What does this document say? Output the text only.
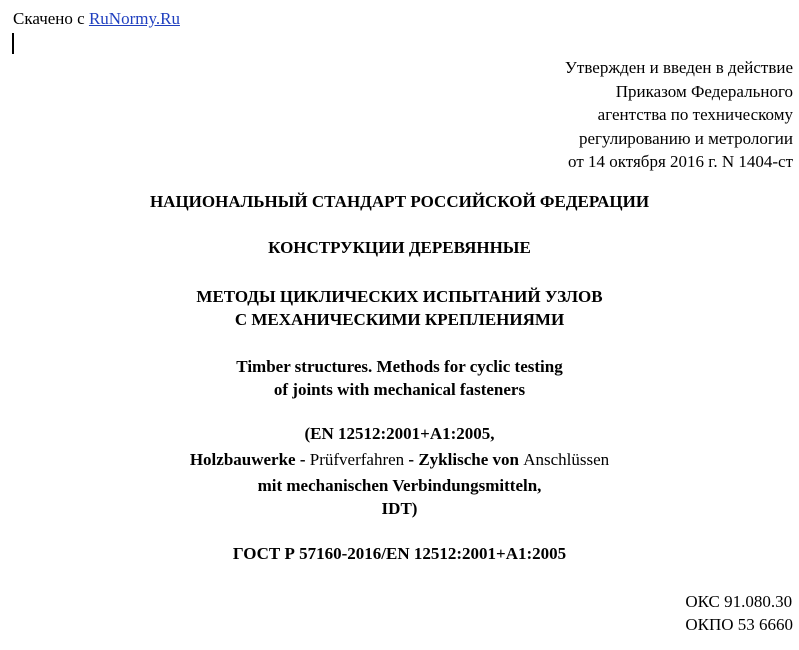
Скачено с RuNormy.Ru
Утвержден и введен в действие
Приказом Федерального
агентства по техническому
регулированию и метрологии
от 14 октября 2016 г. N 1404-ст
НАЦИОНАЛЬНЫЙ СТАНДАРТ РОССИЙСКОЙ ФЕДЕРАЦИИ
КОНСТРУКЦИИ ДЕРЕВЯННЫЕ
МЕТОДЫ ЦИКЛИЧЕСКИХ ИСПЫТАНИЙ УЗЛОВ
С МЕХАНИЧЕСКИМИ КРЕПЛЕНИЯМИ
Timber structures. Methods for cyclic testing
of joints with mechanical fasteners
(EN 12512:2001+A1:2005,
Holzbauwerke - Prüfverfahren - Zyklische von Anschlüssen
mit mechanischen Verbindungsmitteln,
IDT)
ГОСТ Р 57160-2016/EN 12512:2001+A1:2005
ОКС 91.080.30
ОКПО 53 6660
